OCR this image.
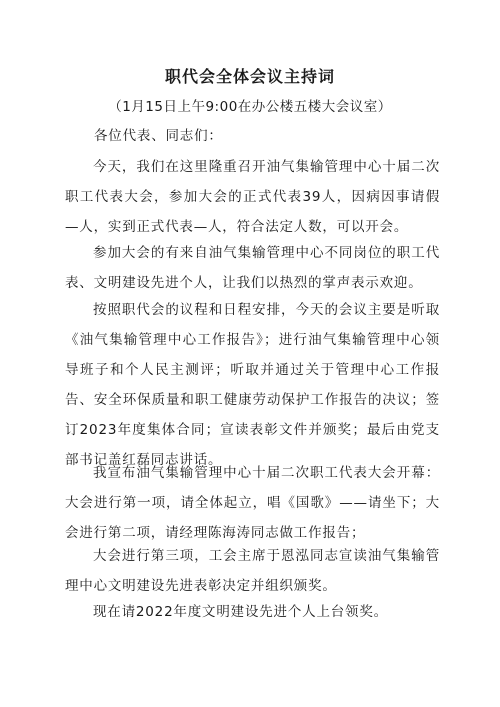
职代会全体会议主持词
（1月15日上午9:00在办公楼五楼大会议室）
各位代表、同志们：
今天，我们在这里隆重召开油气集输管理中心十届二次职工代表大会，参加大会的正式代表39人，因病因事请假—人，实到正式代表—人，符合法定人数，可以开会。
参加大会的有来自油气集输管理中心不同岗位的职工代表、文明建设先进个人，让我们以热烈的掌声表示欢迎。
按照职代会的议程和日程安排，今天的会议主要是听取《油气集输管理中心工作报告》；进行油气集输管理中心领导班子和个人民主测评；听取并通过关于管理中心工作报告、安全环保质量和职工健康劳动保护工作报告的决议；签订2023年度集体合同；宣读表彰文件并颁奖；最后由党支部书记盖红磊同志讲话。
我宣布油气集输管理中心十届二次职工代表大会开幕：大会进行第一项，请全体起立，唱《国歌》——请坐下；大会进行第二项，请经理陈海涛同志做工作报告；
大会进行第三项，工会主席于恩泓同志宣读油气集输管理中心文明建设先进表彰决定并组织颁奖。
现在请2022年度文明建设先进个人上台领奖。
